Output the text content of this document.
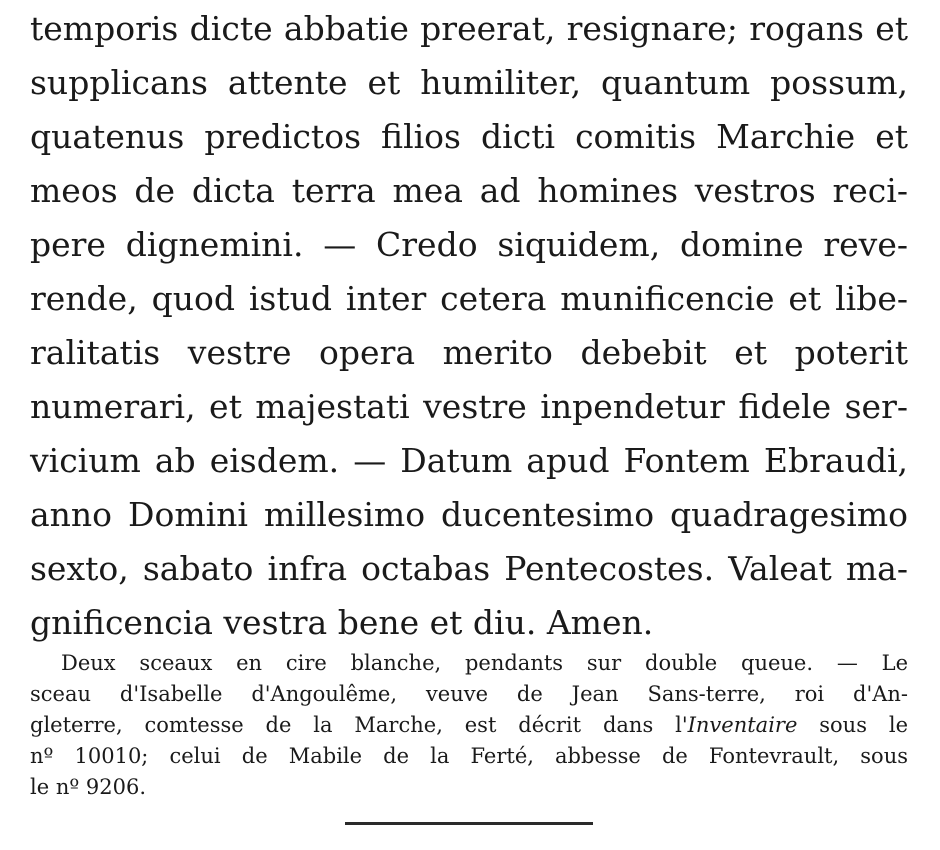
temporis dicte abbatie preerat, resignare; rogans et
supplicans attente et humiliter, quantum possum,
quatenus predictos filios dicti comitis Marchie et
meos de dicta terra mea ad homines vestros reci-
pere dignemini. — Credo siquidem, domine reve-
rende, quod istud inter cetera munificencie et libe-
ralitatis vestre opera merito debebit et poterit
numerari, et majestati vestre inpendetur fidele ser-
vicium ab eisdem. — Datum apud Fontem Ebraudi,
anno Domini millesimo ducentesimo quadragesimo
sexto, sabato infra octabas Pentecostes. Valeat ma-
gnificencia vestra bene et diu. Amen.
Deux sceaux en cire blanche, pendants sur double queue. — Le
sceau d'Isabelle d'Angoulême, veuve de Jean Sans-terre, roi d'An-
gleterre, comtesse de la Marche, est décrit dans l'Inventaire sous le
nº 10010; celui de Mabile de la Ferté, abbesse de Fontevrault, sous
le nº 9206.
